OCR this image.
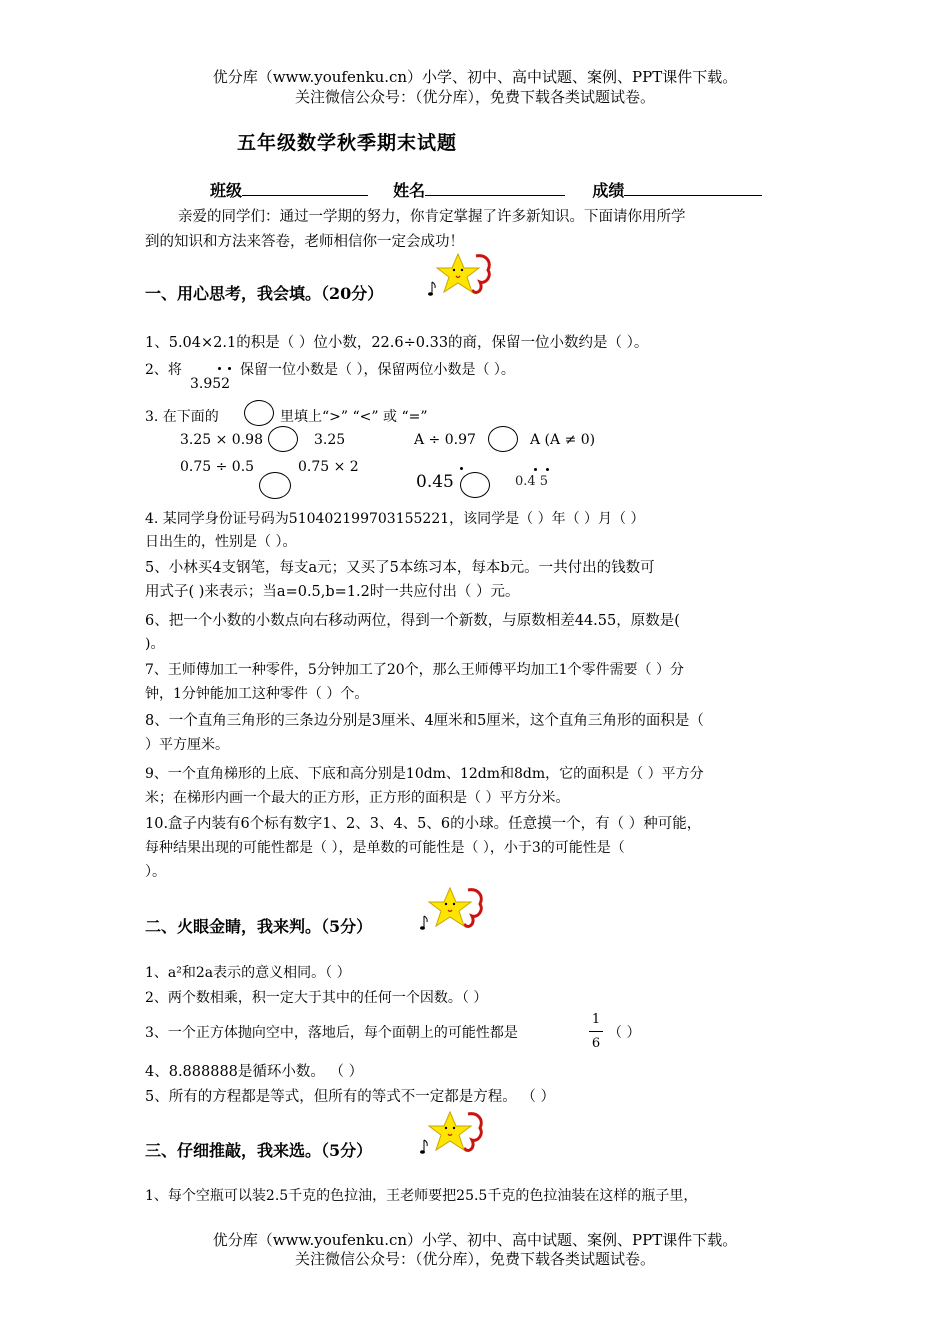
优分库（www.youfenku.cn）小学、初中、高中试题、案例、PPT课件下载。
关注微信公众号：（优分库），免费下载各类试题试卷。
五年级数学秋季期末试题
班级	姓名	成绩
亲爱的同学们：通过一学期的努力，你肯定掌握了许多新知识。下面请你用所学
到的知识和方法来答卷，老师相信你一定会成功！
一、用心思考，我会填。（20分）
1、5.04×2.1的积是（ ）位小数，22.6÷0.33的商，保留一位小数约是（ ）。
2、将
3.952
保留一位小数是（ ），保留两位小数是（ ）。
3. 在下面的	里填上“>” “<” 或 “=”
3.25 × 0.98	3.25	A ÷ 0.97	A (A ≠ 0)
0.75 ÷ 0.5	0.75 × 2
0.45	0.4 5
4. 某同学身份证号码为510402199703155221，该同学是（ ）年（ ）月（ ）
日出生的，性别是（ ）。
5、小林买4支钢笔，每支a元；又买了5本练习本，每本b元。一共付出的钱数可
用式子( )来表示；当a=0.5,b=1.2时一共应付出（ ）元。
6、把一个小数的小数点向右移动两位，得到一个新数，与原数相差44.55，原数是(
)。
7、王师傅加工一种零件，5分钟加工了20个，那么王师傅平均加工1个零件需要（ ）分
钟，1分钟能加工这种零件（ ）个。
8、一个直角三角形的三条边分别是3厘米、4厘米和5厘米，这个直角三角形的面积是（
）平方厘米。
9、一个直角梯形的上底、下底和高分别是10dm、12dm和8dm，它的面积是（ ）平方分
米；在梯形内画一个最大的正方形，正方形的面积是（ ）平方分米。
10.盒子内装有6个标有数字1、2、3、4、5、6的小球。任意摸一个，有（ ）种可能，
每种结果出现的可能性都是（ ），是单数的可能性是（ ），小于3的可能性是（
）。
二、火眼金睛，我来判。（5分）
1、a²和2a表示的意义相同。（ ）
2、两个数相乘，积一定大于其中的任何一个因数。（ ）
3、一个正方体抛向空中，落地后，每个面朝上的可能性都是
1
6
（ ）
4、8.888888是循环小数。 （ ）
5、所有的方程都是等式，但所有的等式不一定都是方程。 （ ）
三、仔细推敲，我来选。（5分）
1、每个空瓶可以装2.5千克的色拉油，王老师要把25.5千克的色拉油装在这样的瓶子里，
优分库（www.youfenku.cn）小学、初中、高中试题、案例、PPT课件下载。
关注微信公众号：（优分库），免费下载各类试题试卷。
